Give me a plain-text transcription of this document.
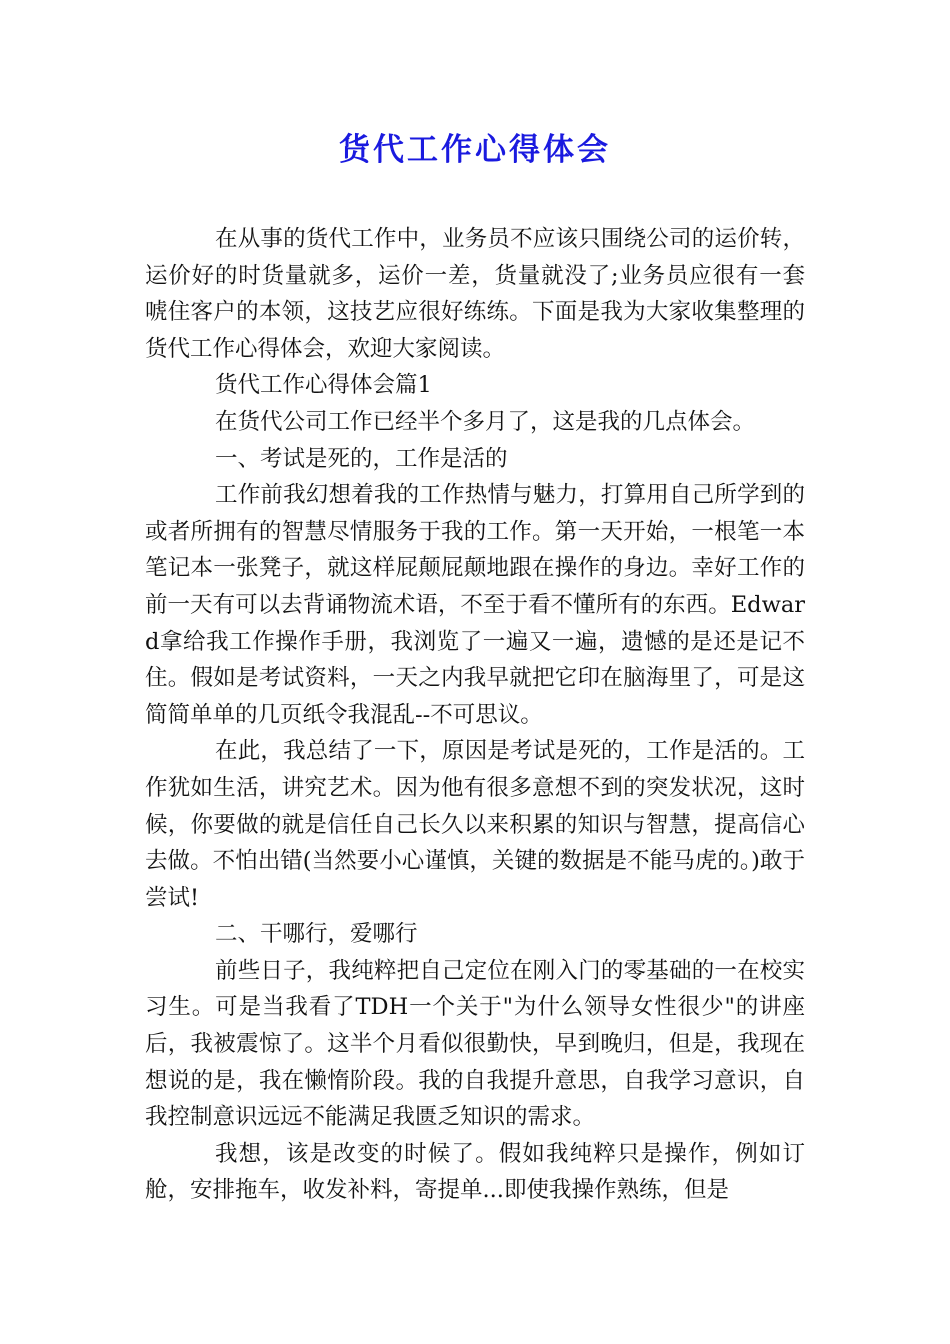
货代工作心得体会

在从事的货代工作中，业务员不应该只围绕公司的运价转，运价好的时货量就多，运价一差，货量就没了;业务员应很有一套唬住客户的本领，这技艺应很好练练。下面是我为大家收集整理的货代工作心得体会，欢迎大家阅读。

货代工作心得体会篇1

在货代公司工作已经半个多月了，这是我的几点体会。

一、考试是死的，工作是活的

工作前我幻想着我的工作热情与魅力，打算用自己所学到的或者所拥有的智慧尽情服务于我的工作。第一天开始，一根笔一本笔记本一张凳子，就这样屁颠屁颠地跟在操作的身边。幸好工作的前一天有可以去背诵物流术语，不至于看不懂所有的东西。Edward拿给我工作操作手册，我浏览了一遍又一遍，遗憾的是还是记不住。假如是考试资料，一天之内我早就把它印在脑海里了，可是这简简单单的几页纸令我混乱--不可思议。

在此，我总结了一下，原因是考试是死的，工作是活的。工作犹如生活，讲究艺术。因为他有很多意想不到的突发状况，这时候，你要做的就是信任自己长久以来积累的知识与智慧，提高信心去做。不怕出错(当然要小心谨慎，关键的数据是不能马虎的。)敢于尝试!

二、干哪行，爱哪行

前些日子，我纯粹把自己定位在刚入门的零基础的一在校实习生。可是当我看了TDH一个关于"为什么领导女性很少"的讲座后，我被震惊了。这半个月看似很勤快，早到晚归，但是，我现在想说的是，我在懒惰阶段。我的自我提升意思，自我学习意识，自我控制意识远远不能满足我匮乏知识的需求。

我想，该是改变的时候了。假如我纯粹只是操作，例如订舱，安排拖车，收发补料，寄提单...即使我操作熟练，但是
